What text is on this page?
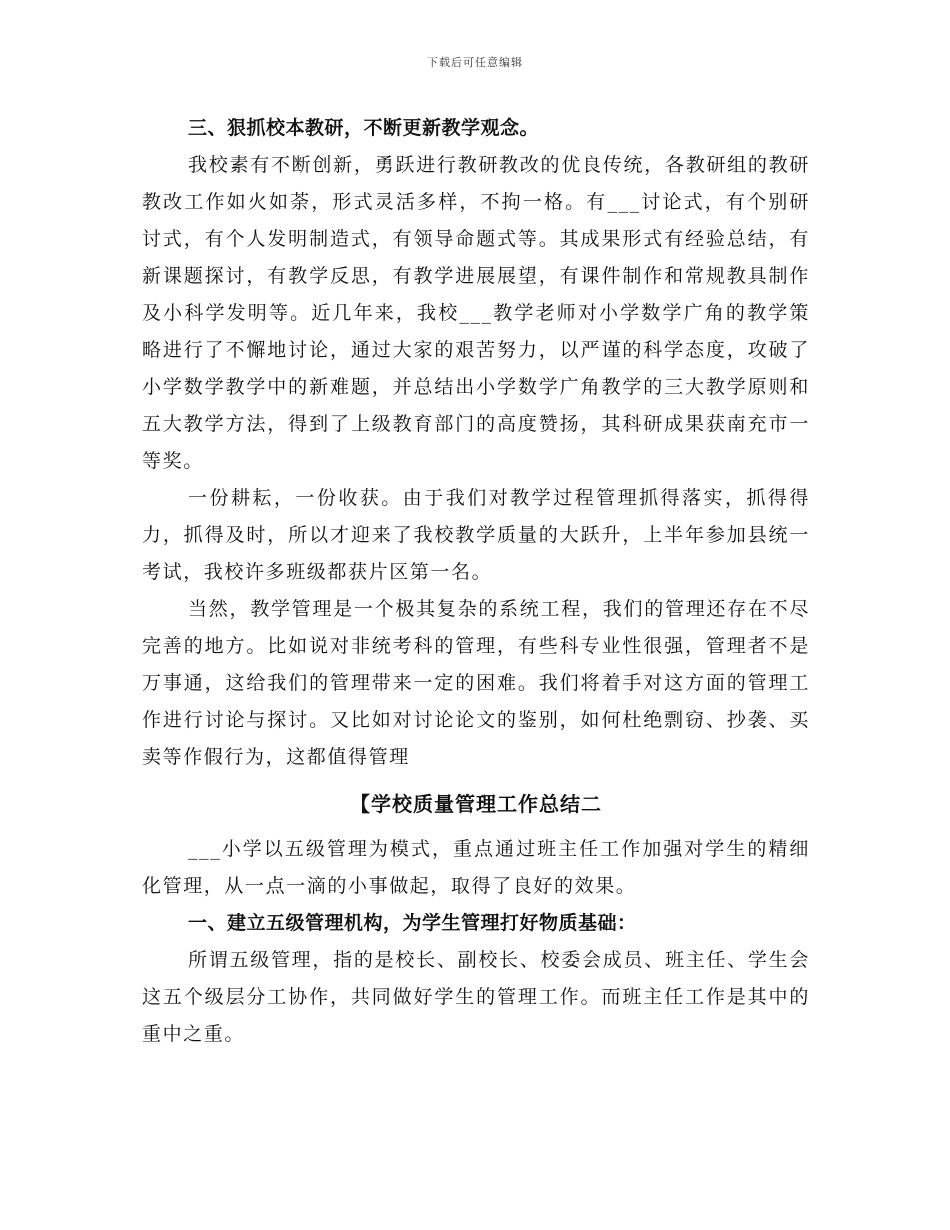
下载后可任意编辑

三、狠抓校本教研，不断更新教学观念。

我校素有不断创新，勇跃进行教研教改的优良传统，各教研组的教研教改工作如火如荼，形式灵活多样，不拘一格。有___讨论式，有个别研讨式，有个人发明制造式，有领导命题式等。其成果形式有经验总结，有新课题探讨，有教学反思，有教学进展展望，有课件制作和常规教具制作及小科学发明等。近几年来，我校___教学老师对小学数学广角的教学策略进行了不懈地讨论，通过大家的艰苦努力，以严谨的科学态度，攻破了小学数学教学中的新难题，并总结出小学数学广角教学的三大教学原则和五大教学方法，得到了上级教育部门的高度赞扬，其科研成果获南充市一等奖。

一份耕耘，一份收获。由于我们对教学过程管理抓得落实，抓得得力，抓得及时，所以才迎来了我校教学质量的大跃升，上半年参加县统一考试，我校许多班级都获片区第一名。

当然，教学管理是一个极其复杂的系统工程，我们的管理还存在不尽完善的地方。比如说对非统考科的管理，有些科专业性很强，管理者不是万事通，这给我们的管理带来一定的困难。我们将着手对这方面的管理工作进行讨论与探讨。又比如对讨论论文的鉴别，如何杜绝剽窃、抄袭、买卖等作假行为，这都值得管理

【学校质量管理工作总结二

___小学以五级管理为模式，重点通过班主任工作加强对学生的精细化管理，从一点一滴的小事做起，取得了良好的效果。

一、建立五级管理机构，为学生管理打好物质基础：

所谓五级管理，指的是校长、副校长、校委会成员、班主任、学生会这五个级层分工协作，共同做好学生的管理工作。而班主任工作是其中的重中之重。
